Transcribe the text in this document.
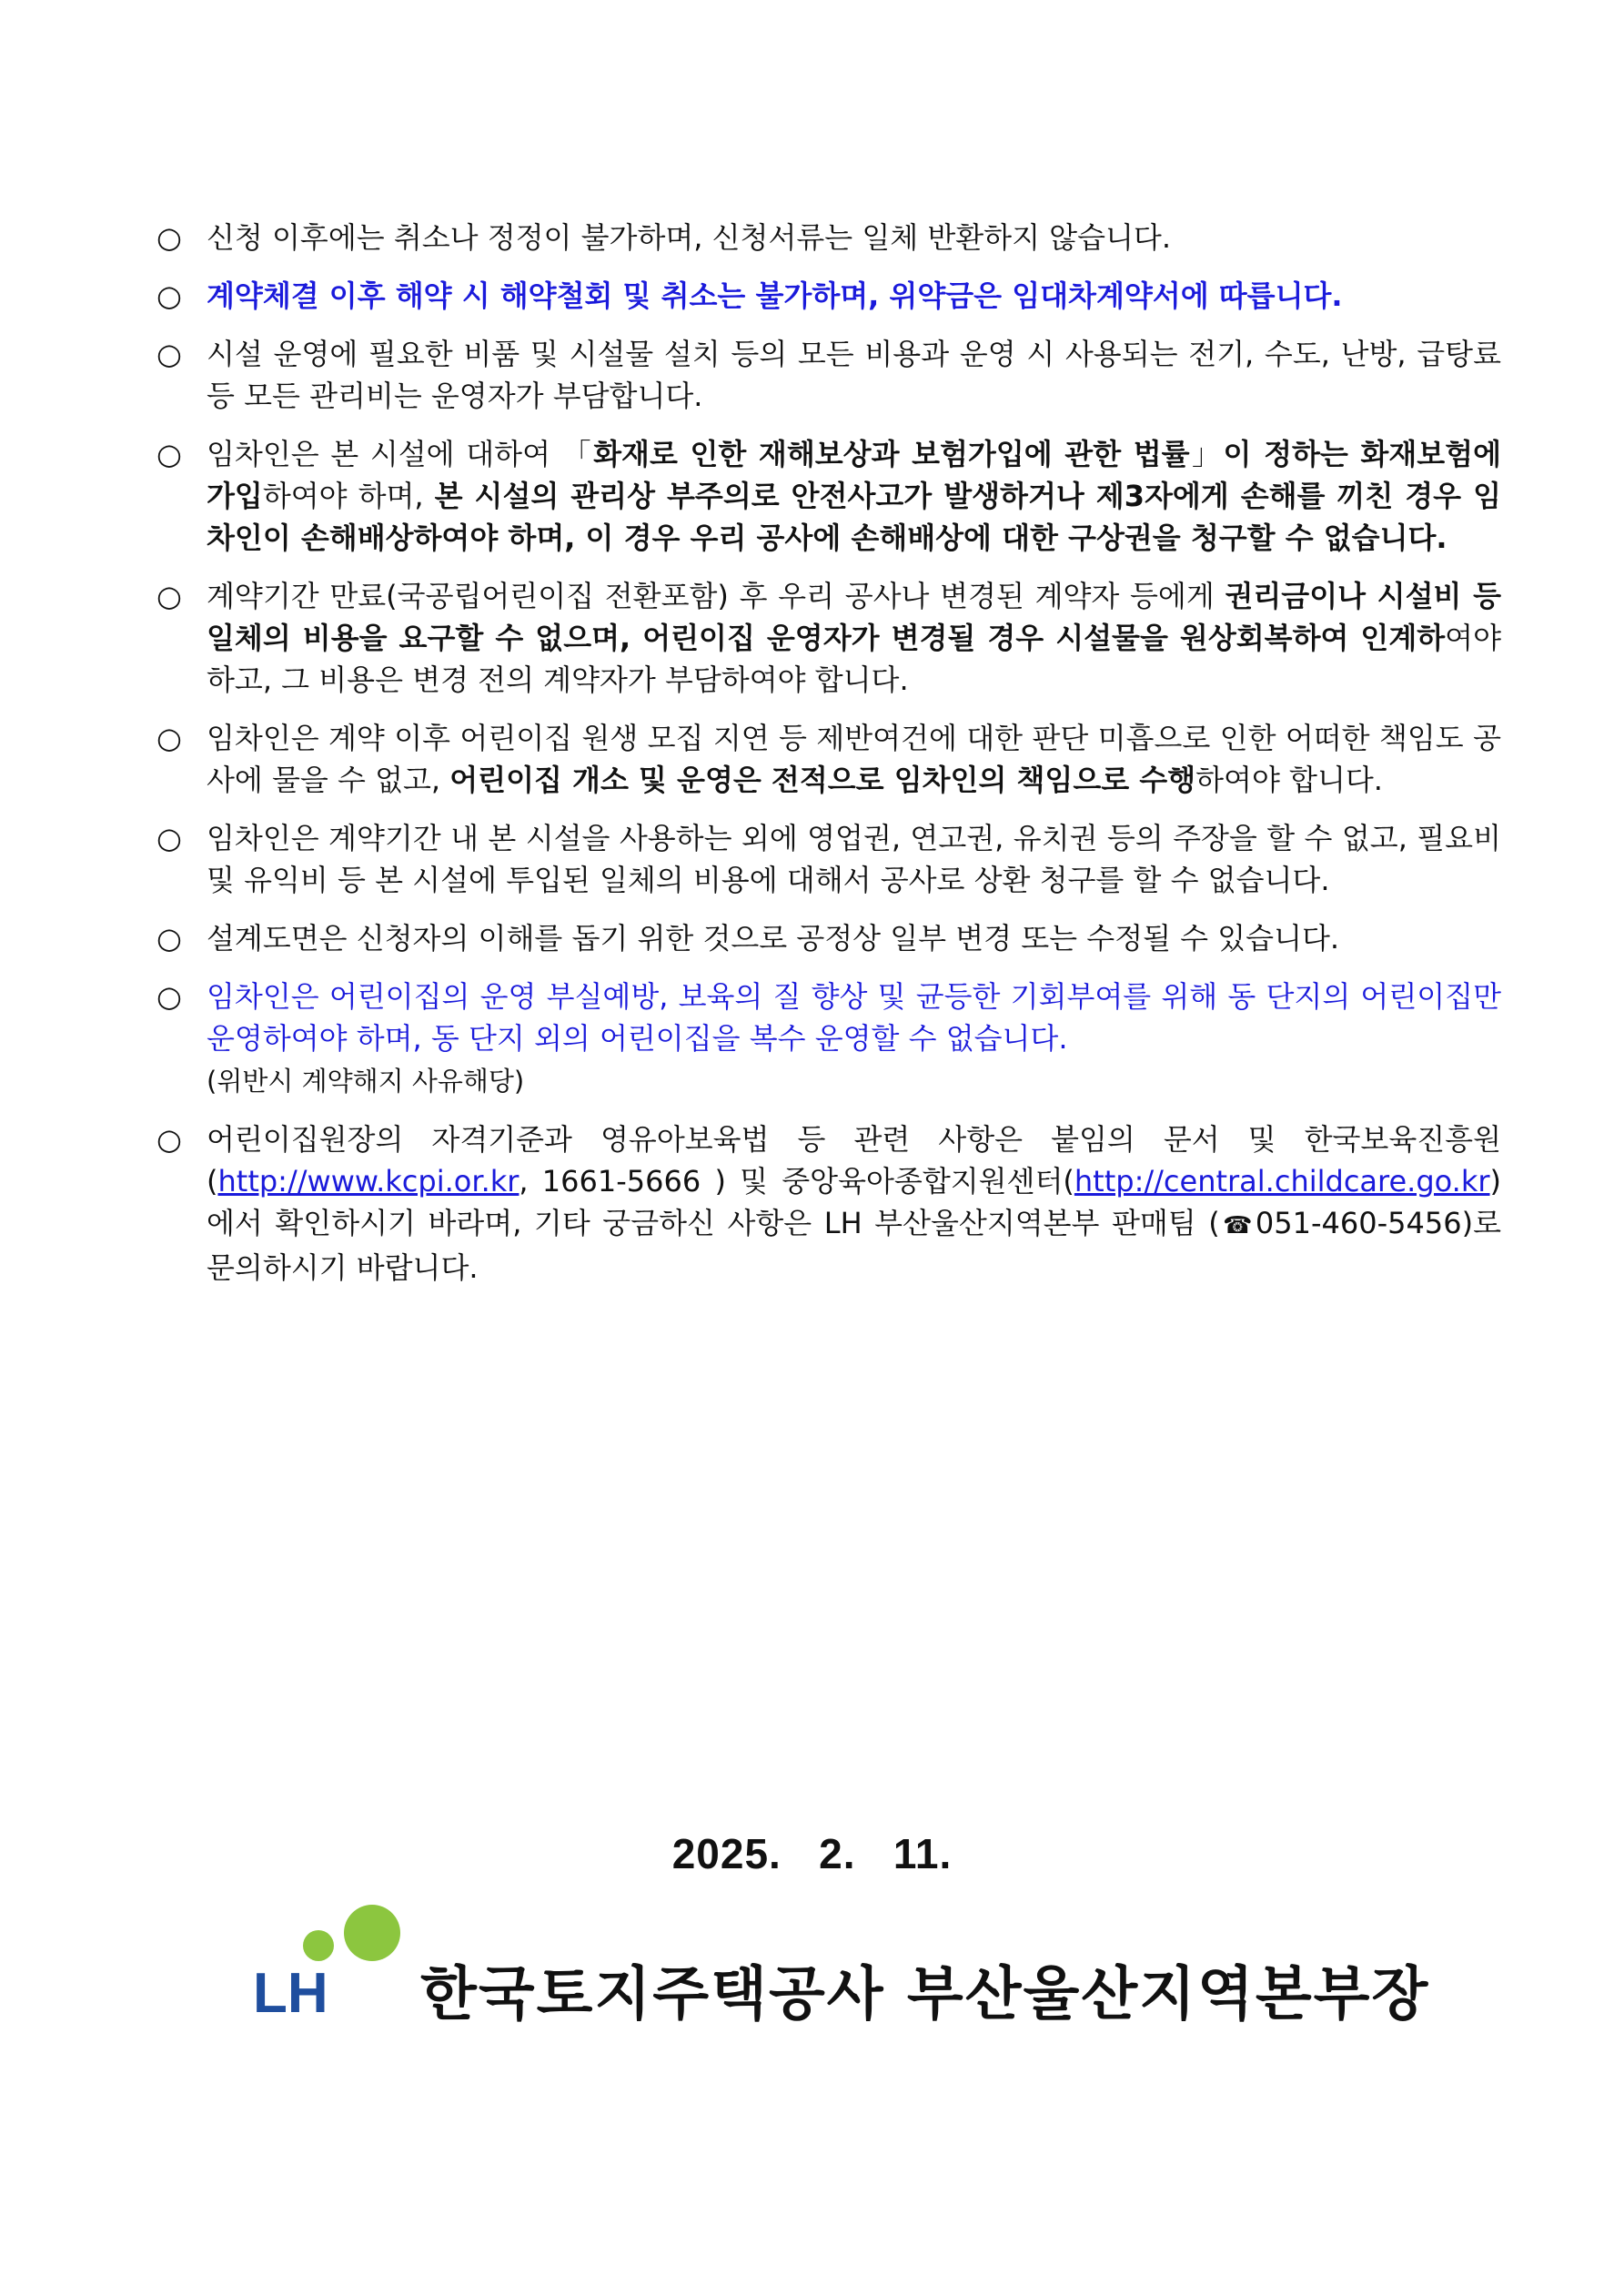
○ 신청 이후에는 취소나 정정이 불가하며, 신청서류는 일체 반환하지 않습니다.
○ 계약체결 이후 해약 시 해약철회 및 취소는 불가하며, 위약금은 임대차계약서에 따릅니다.
○ 시설 운영에 필요한 비품 및 시설물 설치 등의 모든 비용과 운영 시 사용되는 전기, 수도, 난방, 급탕료 등 모든 관리비는 운영자가 부담합니다.
○ 임차인은 본 시설에 대하여 「화재로 인한 재해보상과 보험가입에 관한 법률」이 정하는 화재보험에 가입하여야 하며, 본 시설의 관리상 부주의로 안전사고가 발생하거나 제3자에게 손해를 끼친 경우 임차인이 손해배상하여야 하며, 이 경우 우리 공사에 손해배상에 대한 구상권을 청구할 수 없습니다.
○ 계약기간 만료(국공립어린이집 전환포함) 후 우리 공사나 변경된 계약자 등에게 권리금이나 시설비 등 일체의 비용을 요구할 수 없으며, 어린이집 운영자가 변경될 경우 시설물을 원상회복하여 인계하여야하고, 그 비용은 변경 전의 계약자가 부담하여야 합니다.
○ 임차인은 계약 이후 어린이집 원생 모집 지연 등 제반여건에 대한 판단 미흡으로 인한 어떠한 책임도 공사에 물을 수 없고, 어린이집 개소 및 운영은 전적으로 임차인의 책임으로 수행하여야 합니다.
○ 임차인은 계약기간 내 본 시설을 사용하는 외에 영업권, 연고권, 유치권 등의 주장을 할 수 없고, 필요비 및 유익비 등 본 시설에 투입된 일체의 비용에 대해서 공사로 상환 청구를 할 수 없습니다.
○ 설계도면은 신청자의 이해를 돕기 위한 것으로 공정상 일부 변경 또는 수정될 수 있습니다.
○ 임차인은 어린이집의 운영 부실예방, 보육의 질 향상 및 균등한 기회부여를 위해 동 단지의 어린이집만 운영하여야 하며, 동 단지 외의 어린이집을 복수 운영할 수 없습니다.
(위반시 계약해지 사유해당)
○ 어린이집원장의 자격기준과 영유아보육법 등 관련 사항은 붙임의 문서 및 한국보육진흥원(http://www.kcpi.or.kr, 1661-5666 ) 및 중앙육아종합지원센터(http://central.childcare.go.kr)에서 확인하시기 바라며, 기타 궁금하신 사항은 LH 부산울산지역본부 판매팀 (☎051-460-5456)로 문의하시기 바랍니다.
2025.   2.   11.
LH 한국토지주택공사 부산울산지역본부장
